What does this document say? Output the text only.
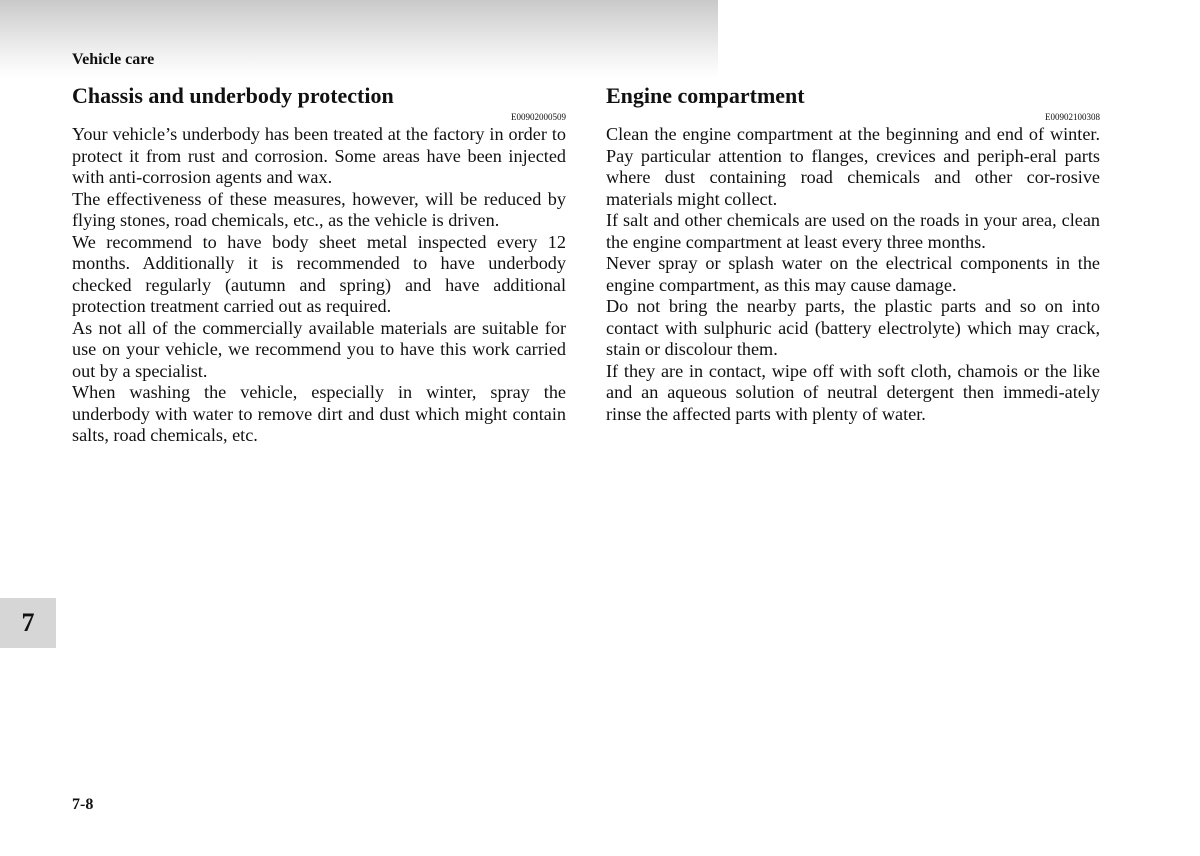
Vehicle care
Chassis and underbody protection
E00902000509

Your vehicle’s underbody has been treated at the factory in order to protect it from rust and corrosion. Some areas have been injected with anti-corrosion agents and wax.

The effectiveness of these measures, however, will be reduced by flying stones, road chemicals, etc., as the vehicle is driven.

We recommend to have body sheet metal inspected every 12 months. Additionally it is recommended to have underbody checked regularly (autumn and spring) and have additional protection treatment carried out as required.

As not all of the commercially available materials are suitable for use on your vehicle, we recommend you to have this work carried out by a specialist.

When washing the vehicle, especially in winter, spray the underbody with water to remove dirt and dust which might contain salts, road chemicals, etc.

Engine compartment
E00902100308

Clean the engine compartment at the beginning and end of winter. Pay particular attention to flanges, crevices and periph-eral parts where dust containing road chemicals and other cor-rosive materials might collect.

If salt and other chemicals are used on the roads in your area, clean the engine compartment at least every three months.

Never spray or splash water on the electrical components in the engine compartment, as this may cause damage.

Do not bring the nearby parts, the plastic parts and so on into contact with sulphuric acid (battery electrolyte) which may crack, stain or discolour them.

If they are in contact, wipe off with soft cloth, chamois or the like and an aqueous solution of neutral detergent then immedi-ately rinse the affected parts with plenty of water.

7
7-8
